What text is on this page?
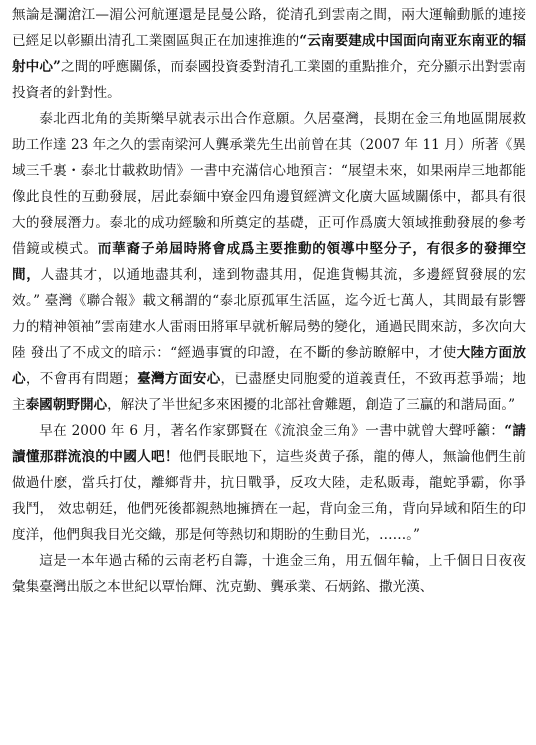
無論是瀾滄江—湄公河航運還是昆曼公路，從清孔到雲南之間，兩大運輸動脈的連接已經足以彰顯出清孔工業園區與正在加速推進的“云南要建成中国面向南亚东南亚的辐射中心”之間的呼應關係，而泰國投資委對清孔工業園的重點推介，充分顯示出對雲南投資者的針對性。

泰北西北角的美斯樂早就表示出合作意願。久居臺灣，長期在金三角地區開展救助工作達 23 年之久的雲南梁河人龔承業先生出前曾在其（2007 年 11 月）所著《異域三千裏・泰北廿載救助情》一書中充滿信心地預言：“展望未來，如果兩岸三地都能像此良性的互動發展，居此泰緬中寮金四角邊貿經濟文化廣大區域關係中，都具有很大的發展潛力。泰北的成功經驗和所奠定的基礎，正可作爲廣大領域推動發展的參考借鏡或模式。而華裔子弟屆時將會成爲主要推動的領導中堅分子，有很多的發揮空間，人盡其才，以通地盡其利，達到物盡其用，促進貨暢其流，多邊經貿發展的宏效。” 臺灣《聯合報》載文稱謂的“泰北原孤軍生活區，迄今近七萬人，其間最有影響力的精神領袖”雲南建水人雷雨田將軍早就析解局勢的變化，通過民間來訪，多次向大陸 發出了不成文的暗示：“經過事實的印證，在不斷的參訪瞭解中，才使大陸方面放心，不會再有問題；臺灣方面安心，已盡歷史同胞愛的道義責任，不致再惹爭端；地主泰國朝野開心，解決了半世紀多來困擾的北部社會難題，創造了三贏的和諧局面。”

早在 2000 年 6 月，著名作家鄧賢在《流浪金三角》一書中就曾大聲呼籲：“請讀懂那群流浪的中國人吧！他們長眠地下，這些炎黄子孫，龍的傳人，無論他們生前做過什麽，當兵打仗，離鄉背井，抗日戰爭，反攻大陸，走私販毒，龍蛇爭霸，你爭我鬥， 效忠朝廷，他們死後都親熱地擁擠在一起，背向金三角，背向异域和陌生的印度洋，他們與我目光交織，那是何等熱切和期盼的生動目光，……。”

這是一本年過古稀的云南老朽自籌，十進金三角，用五個年輪，上千個日日夜夜彙集臺灣出版之本世紀以覃怡輝、沈克勤、龔承業、石炳銘、撒光漢、
